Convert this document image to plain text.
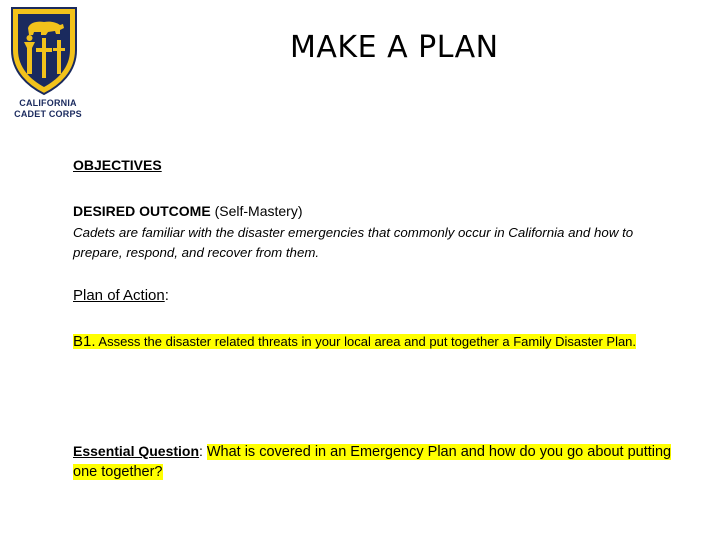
CALIFORNIA
CADET CORPS
MAKE A PLAN
OBJECTIVES
DESIRED OUTCOME (Self-Mastery)
Cadets are familiar with the disaster emergencies that commonly occur in California and how to prepare, respond, and recover from them.
Plan of Action:
B1. Assess the disaster related threats in your local area and put together a Family Disaster Plan.
Essential Question: What is covered in an Emergency Plan and how do you go about putting one together?
